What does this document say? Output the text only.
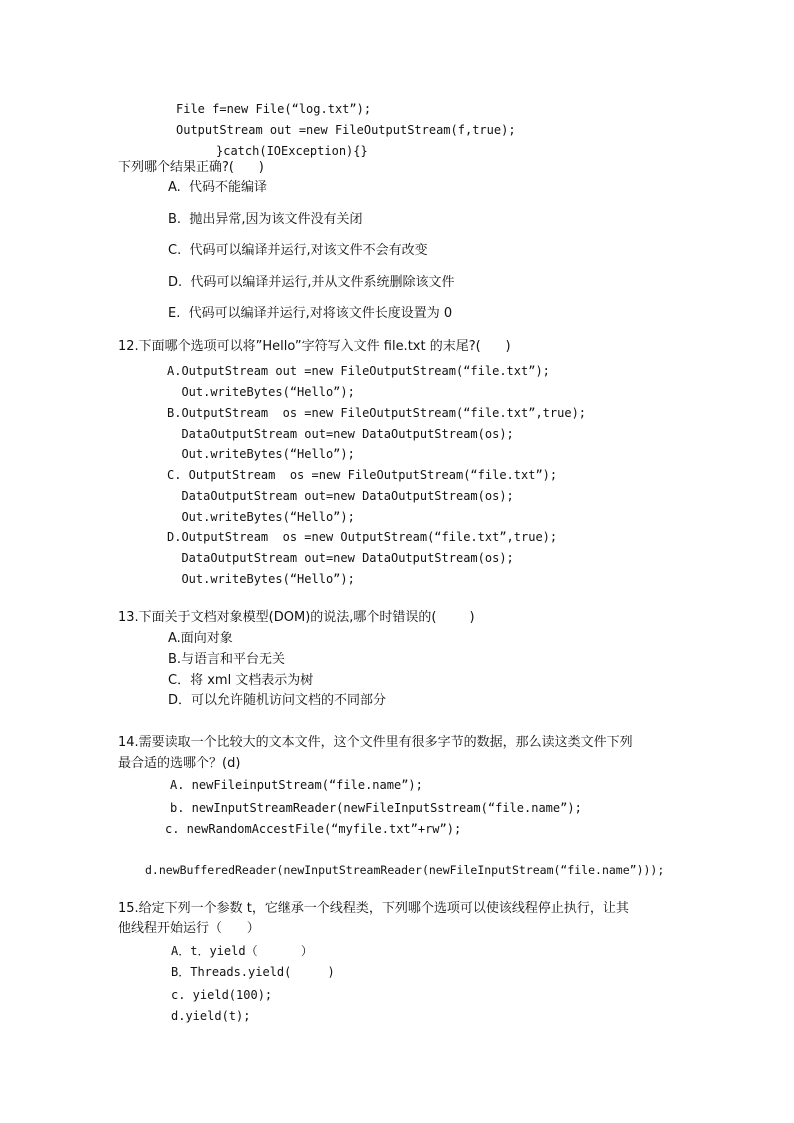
File f=new File(“log.txt”);
OutputStream out =new FileOutputStream(f,true);
}catch(IOException){}
下列哪个结果正确?(      )
A.  代码不能编译
B.  抛出异常,因为该文件没有关闭
C.  代码可以编译并运行,对该文件不会有改变
D.  代码可以编译并运行,并从文件系统删除该文件
E.  代码可以编译并运行,对将该文件长度设置为 0
12.下面哪个选项可以将”Hello”字符写入文件 file.txt 的末尾?(      )
A.OutputStream out =new FileOutputStream(“file.txt”);
Out.writeBytes(“Hello”);
B.OutputStream  os =new FileOutputStream(“file.txt”,true);
DataOutputStream out=new DataOutputStream(os);
Out.writeBytes(“Hello”);
C. OutputStream  os =new FileOutputStream(“file.txt”);
DataOutputStream out=new DataOutputStream(os);
Out.writeBytes(“Hello”);
D.OutputStream  os =new OutputStream(“file.txt”,true);
DataOutputStream out=new DataOutputStream(os);
Out.writeBytes(“Hello”);
13.下面关于文档对象模型(DOM)的说法,哪个时错误的(        )
A.面向对象
B.与语言和平台无关
C．将 xml 文档表示为树
D．可以允许随机访问文档的不同部分
14.需要读取一个比较大的文本文件，这个文件里有很多字节的数据，那么读这类文件下列
最合适的选哪个？(d)
A. newFileinputStream(“file.name”);
b. newInputStreamReader(newFileInputSstream(“file.name”);
c. newRandomAccestFile(“myfile.txt”+rw”);
d.newBufferedReader(newInputStreamReader(newFileInputStream(“file.name”)));
15.给定下列一个参数 t，它继承一个线程类，下列哪个选项可以使该线程停止执行，让其
他线程开始运行（      ）
A．t．yield（      ）
B．Threads.yield(     )
c. yield(100);
d.yield(t);
